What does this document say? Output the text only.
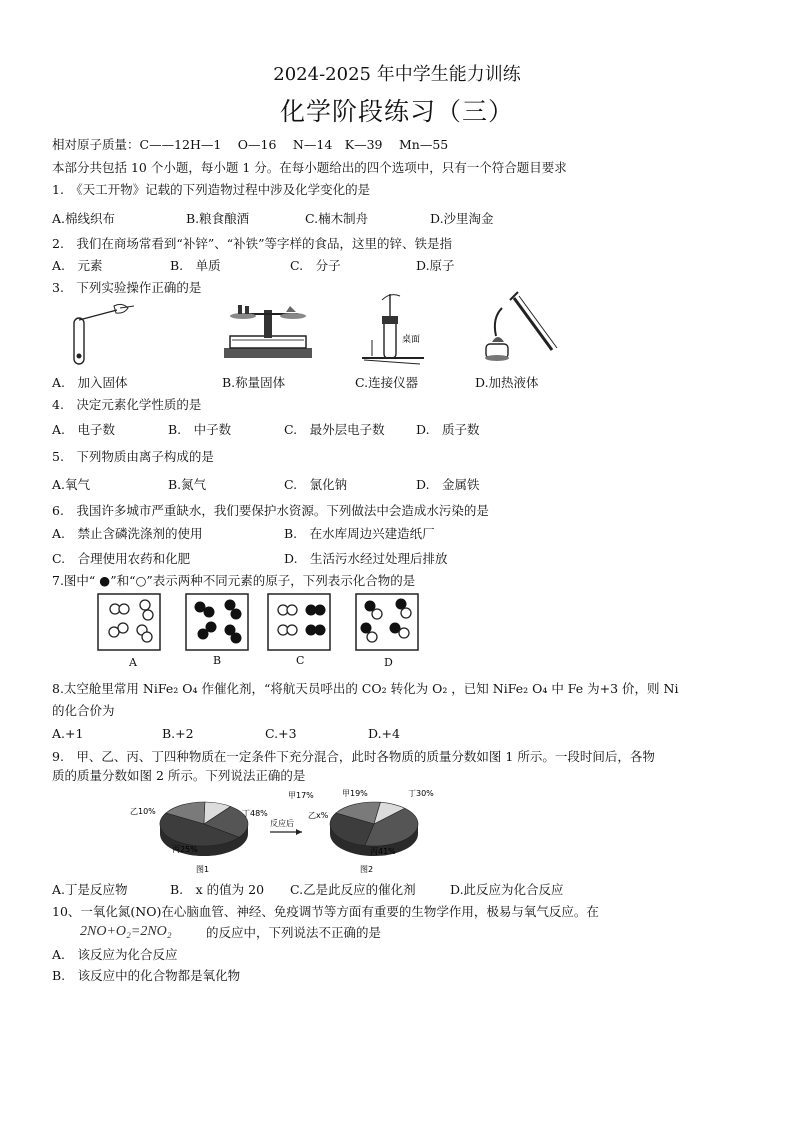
2024-2025 年中学生能力训练
化学阶段练习（三）
相对原子质量：C——12H—1　 O—16　 N—14　K—39　 Mn—55
本部分共包括 10 个小题，每小题 1 分。在每小题给出的四个选项中，只有一个符合题目要求
1.　《天工开物》记载的下列造物过程中涉及化学变化的是
A.棉线织布	B.粮食酿酒	C.楠木制舟	D.沙里淘金
2.　我们在商场常看到“补锌”、“补铁”等字样的食品，这里的锌、铁是指
A.　元素	B.　单质	C.　分子	D.原子
3.　下列实验操作正确的是
桌面
A.　加入固体	B.称量固体	C.连接仪器	D.加热液体
4.　决定元素化学性质的是
A.　电子数	B.　中子数	C.　最外层电子数	D.　质子数
5.　下列物质由离子构成的是
A.氧气	B.氮气	C.　氯化钠	D.　金属铁
6.　我国许多城市严重缺水，我们要保护水资源。下列做法中会造成水污染的是
A.　禁止含磷洗涤剂的使用	B.　在水库周边兴建造纸厂
C.　合理使用农药和化肥	D.　生活污水经过处理后排放
7.图中“ ●”和“○”表示两种不同元素的原子，下列表示化合物的是
A	B	C	D
8.太空舱里常用 NiFe₂ O₄ 作催化剂，“将航天员呼出的 CO₂ 转化为 O₂ ，已知 NiFe₂ O₄ 中 Fe 为+3 价，则 Ni
的化合价为
A.+1	B.+2	C.+3	D.+4
9.　甲、乙、丙、丁四种物质在一定条件下充分混合，此时各物质的质量分数如图 1 所示。一段时间后，各物
质的质量分数如图 2 所示。下列说法正确的是
甲17%
乙10%
丙25%
丁48%
图1
反应后
甲19%
乙x%
丙41%
丁30%
图2
A.丁是反应物	B.　x 的值为 20 C.乙是此反应的催化剂	D.此反应为化合反应
10、一氧化氮(NO)在心脑血管、神经、免疫调节等方面有重要的生物学作用，极易与氧气反应。在
2NO+O₂=2NO₂	的反应中，下列说法不正确的是
A.　该反应为化合反应
B.　该反应中的化合物都是氧化物
